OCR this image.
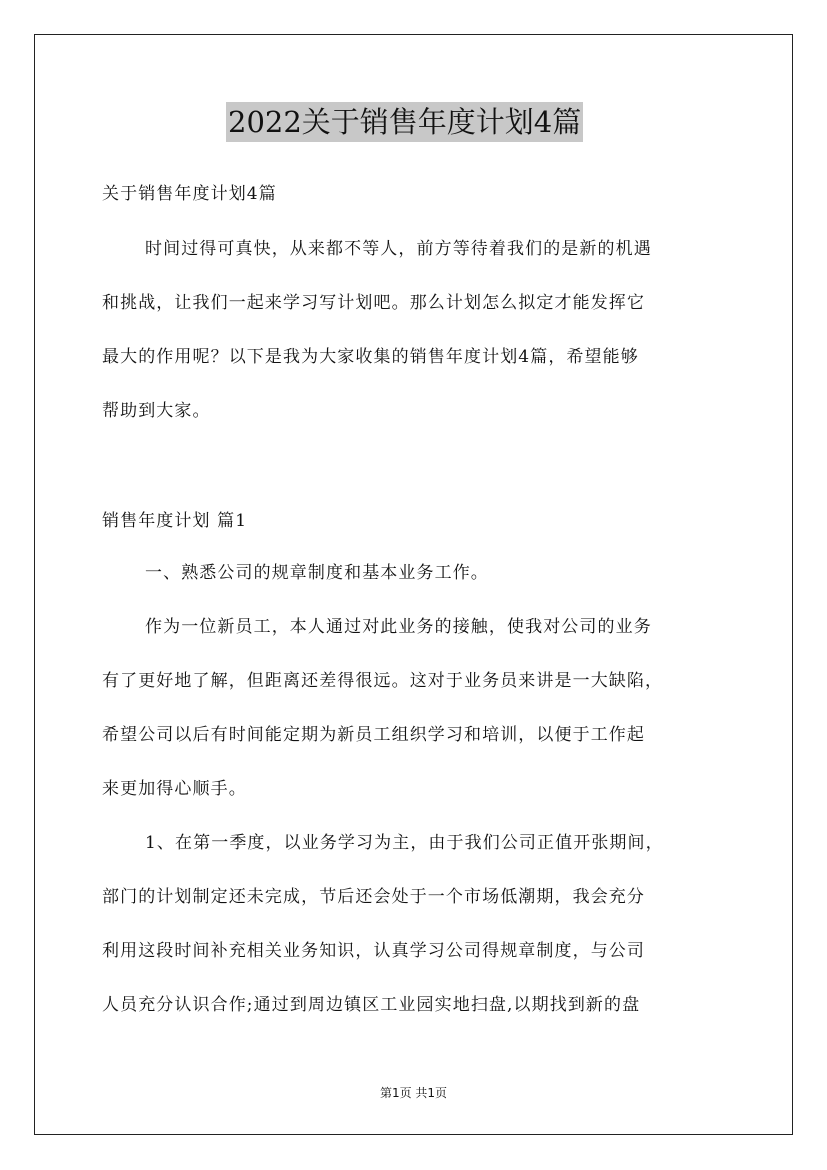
2022关于销售年度计划4篇
关于销售年度计划4篇
时间过得可真快，从来都不等人，前方等待着我们的是新的机遇
和挑战，让我们一起来学习写计划吧。那么计划怎么拟定才能发挥它
最大的作用呢？以下是我为大家收集的销售年度计划4篇，希望能够
帮助到大家。
销售年度计划 篇1
一、熟悉公司的规章制度和基本业务工作。
作为一位新员工，本人通过对此业务的接触，使我对公司的业务
有了更好地了解，但距离还差得很远。这对于业务员来讲是一大缺陷，
希望公司以后有时间能定期为新员工组织学习和培训，以便于工作起
来更加得心顺手。
1、在第一季度，以业务学习为主，由于我们公司正值开张期间，
部门的计划制定还未完成，节后还会处于一个市场低潮期，我会充分
利用这段时间补充相关业务知识，认真学习公司得规章制度，与公司
人员充分认识合作;通过到周边镇区工业园实地扫盘,以期找到新的盘
第1页 共1页
